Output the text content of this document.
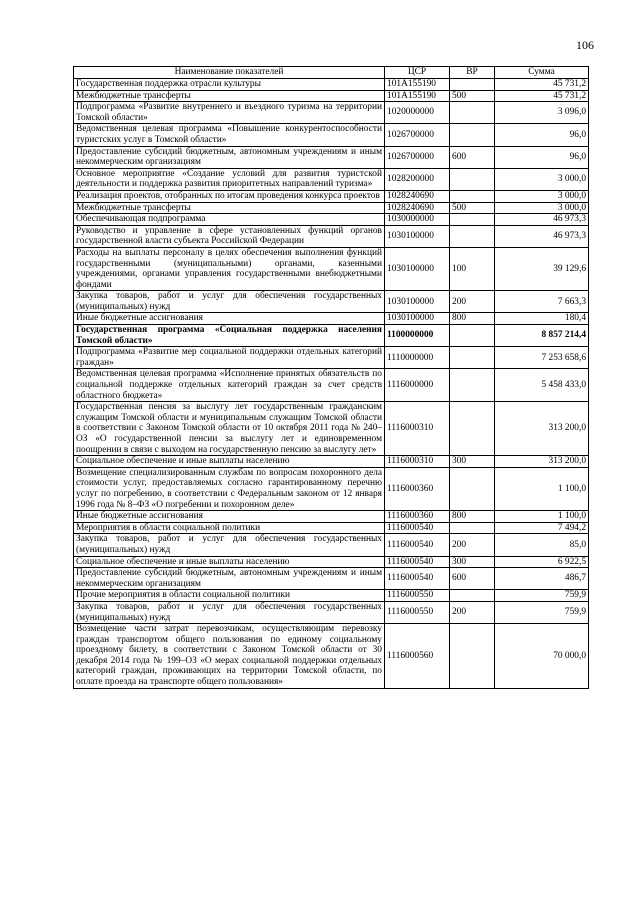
106
Наименование показателей	ЦСР	ВР	Сумма
Государственная поддержка отрасли культуры	101A155190		45 731,2
Межбюджетные трансферты	101A155190	500	45 731,2
Подпрограмма «Развитие внутреннего и въездного туризма на территории Томской области»	1020000000		3 096,0
Ведомственная целевая программа «Повышение конкурентоспособности туристских услуг в Томской области»	1026700000		96,0
Предоставление субсидий бюджетным, автономным учреждениям и иным некоммерческим организациям	1026700000	600	96,0
Основное мероприятие «Создание условий для развития туристской деятельности и поддержка развития приоритетных направлений туризма»	1028200000		3 000,0
Реализация проектов, отобранных по итогам проведения конкурса проектов	1028240690		3 000,0
Межбюджетные трансферты	1028240690	500	3 000,0
Обеспечивающая подпрограмма	1030000000		46 973,3
Руководство и управление в сфере установленных функций органов государственной власти субъекта Российской Федерации	1030100000		46 973,3
Расходы на выплаты персоналу в целях обеспечения выполнения функций государственными (муниципальными) органами, казенными учреждениями, органами управления государственными внебюджетными фондами	1030100000	100	39 129,6
Закупка товаров, работ и услуг для обеспечения государственных (муниципальных) нужд	1030100000	200	7 663,3
Иные бюджетные ассигнования	1030100000	800	180,4
Государственная программа «Социальная поддержка населения Томской области»	1100000000		8 857 214,4
Подпрограмма «Развитие мер социальной поддержки отдельных категорий граждан»	1110000000		7 253 658,6
Ведомственная целевая программа «Исполнение принятых обязательств по социальной поддержке отдельных категорий граждан за счет средств областного бюджета»	1116000000		5 458 433,0
Государственная пенсия за выслугу лет государственным гражданским служащим Томской области и муниципальным служащим Томской области в соответствии с Законом Томской области от 10 октября 2011 года № 240–ОЗ «О государственной пенсии за выслугу лет и единовременном поощрении в связи с выходом на государственную пенсию за выслугу лет»	1116000310		313 200,0
Социальное обеспечение и иные выплаты населению	1116000310	300	313 200,0
Возмещение специализированным службам по вопросам похоронного дела стоимости услуг, предоставляемых согласно гарантированному перечню услуг по погребению, в соответствии с Федеральным законом от 12 января 1996 года № 8–ФЗ «О погребении и похоронном деле»	1116000360		1 100,0
Иные бюджетные ассигнования	1116000360	800	1 100,0
Мероприятия в области социальной политики	1116000540		7 494,2
Закупка товаров, работ и услуг для обеспечения государственных (муниципальных) нужд	1116000540	200	85,0
Социальное обеспечение и иные выплаты населению	1116000540	300	6 922,5
Предоставление субсидий бюджетным, автономным учреждениям и иным некоммерческим организациям	1116000540	600	486,7
Прочие мероприятия в области социальной политики	1116000550		759,9
Закупка товаров, работ и услуг для обеспечения государственных (муниципальных) нужд	1116000550	200	759,9
Возмещение части затрат перевозчикам, осуществляющим перевозку граждан транспортом общего пользования по единому социальному проездному билету, в соответствии с Законом Томской области от 30 декабря 2014 года № 199–ОЗ «О мерах социальной поддержки отдельных категорий граждан, проживающих на территории Томской области, по оплате проезда на транспорте общего пользования»	1116000560		70 000,0
